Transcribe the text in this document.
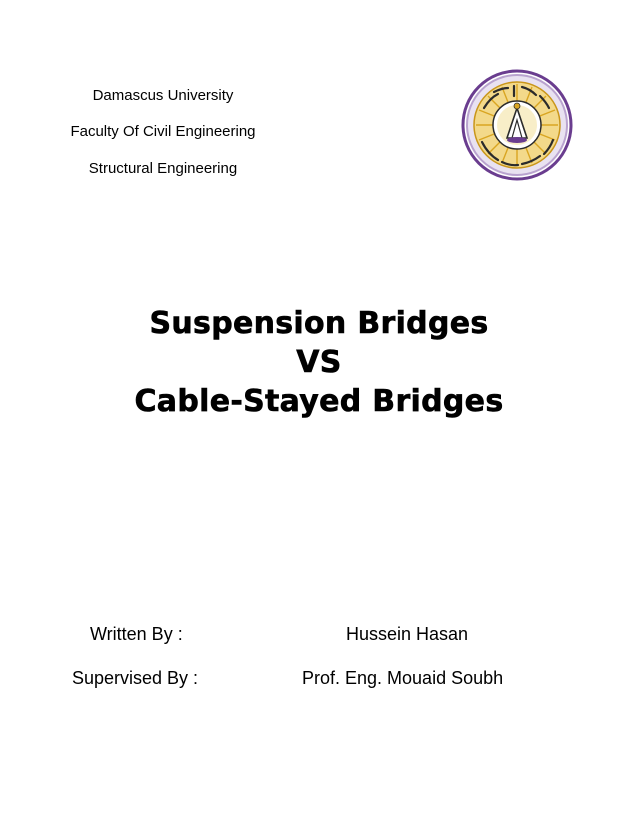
Damascus University
Faculty Of Civil Engineering
Structural Engineering
Suspension Bridges
VS
Cable-Stayed Bridges
Written By :	Hussein Hasan
Supervised By :	Prof. Eng. Mouaid Soubh
